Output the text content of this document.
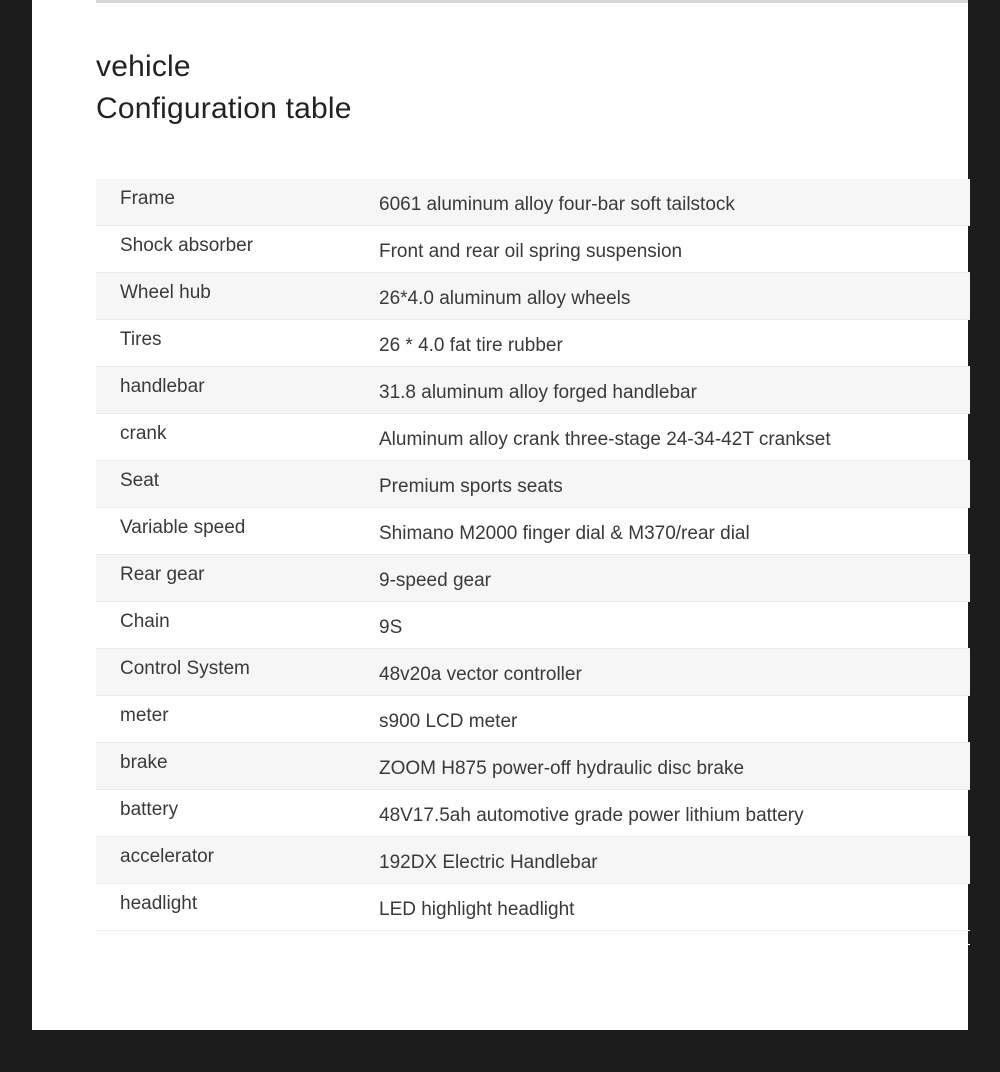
vehicle
Configuration table
Frame	6061 aluminum alloy four-bar soft tailstock
Shock absorber	Front and rear oil spring suspension
Wheel hub	26*4.0 aluminum alloy wheels
Tires	26 * 4.0 fat tire rubber
handlebar	31.8 aluminum alloy forged handlebar
crank	Aluminum alloy crank three-stage 24-34-42T crankset
Seat	Premium sports seats
Variable speed	Shimano M2000 finger dial & M370/rear dial
Rear gear	9-speed gear
Chain	9S
Control System	48v20a vector controller
meter	s900 LCD meter
brake	ZOOM H875 power-off hydraulic disc brake
battery	48V17.5ah automotive grade power lithium battery
accelerator	192DX Electric Handlebar
headlight	LED highlight headlight
